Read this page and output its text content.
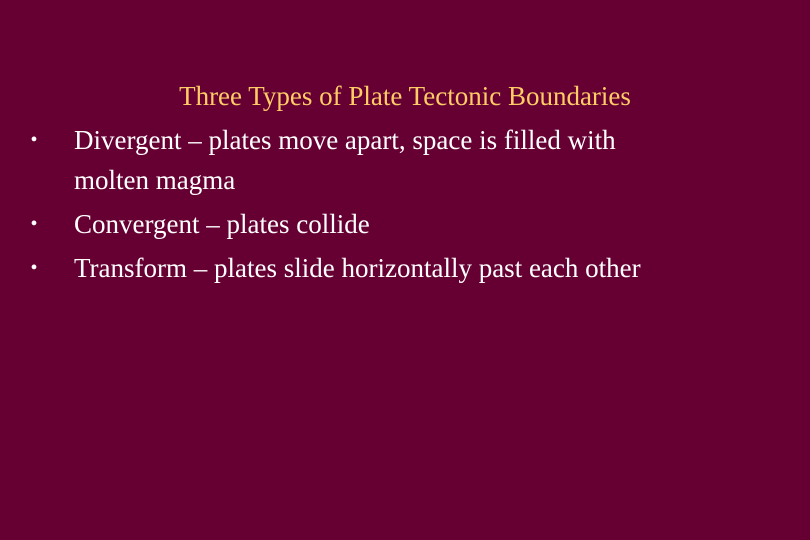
Three Types of Plate Tectonic Boundaries
• Divergent – plates move apart, space is filled with
molten magma
• Convergent – plates collide
• Transform – plates slide horizontally past each other
